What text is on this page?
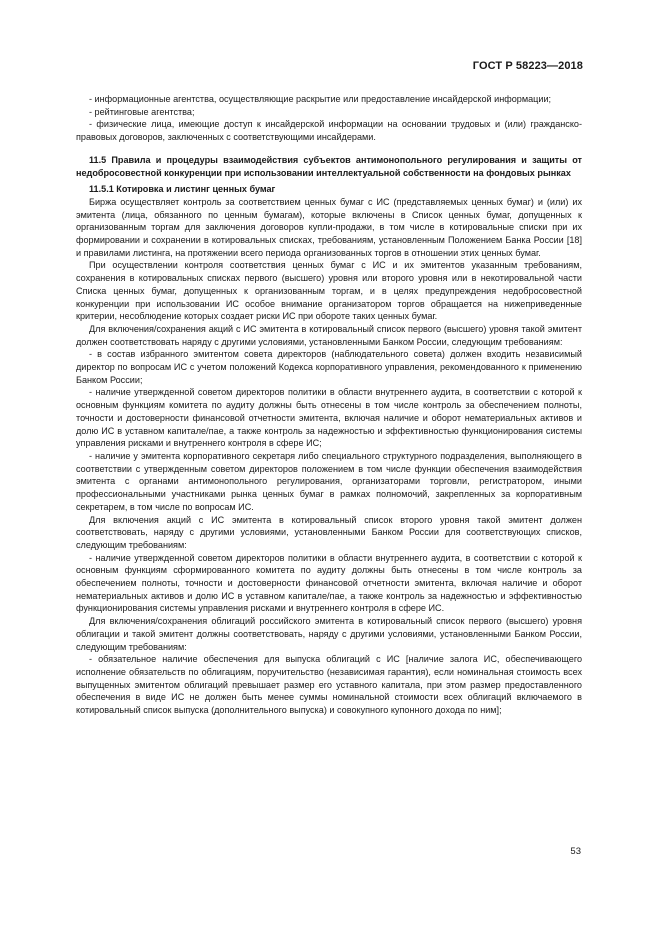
ГОСТ Р 58223—2018

- информационные агентства, осуществляющие раскрытие или предоставление инсайдерской информации;

- рейтинговые агентства;

- физические лица, имеющие доступ к инсайдерской информации на основании трудовых и (или) гражданско-правовых договоров, заключенных с соответствующими инсайдерами.

11.5 Правила и процедуры взаимодействия субъектов антимонопольного регулирования и защиты от недобросовестной конкуренции при использовании интеллектуальной собственности на фондовых рынках

11.5.1 Котировка и листинг ценных бумаг

Биржа осуществляет контроль за соответствием ценных бумаг с ИС (представляемых ценных бумаг) и (или) их эмитента (лица, обязанного по ценным бумагам), которые включены в Список ценных бумаг, допущенных к организованным торгам для заключения договоров купли-продажи, в том числе в котировальные списки при их формировании и сохранении в котировальных списках, требованиям, установленным Положением Банка России [18] и правилами листинга, на протяжении всего периода организованных торгов в отношении этих ценных бумаг.

При осуществлении контроля соответствия ценных бумаг с ИС и их эмитентов указанным требованиям, сохранения в котировальных списках первого (высшего) уровня или второго уровня или в некотировальной части Списка ценных бумаг, допущенных к организованным торгам, и в целях предупреждения недобросовестной конкуренции при использовании ИС особое внимание организатором торгов обращается на нижеприведенные критерии, несоблюдение которых создает риски ИС при обороте таких ценных бумаг.

Для включения/сохранения акций с ИС эмитента в котировальный список первого (высшего) уровня такой эмитент должен соответствовать наряду с другими условиями, установленными Банком России, следующим требованиям:

- в состав избранного эмитентом совета директоров (наблюдательного совета) должен входить независимый директор по вопросам ИС с учетом положений Кодекса корпоративного управления, рекомендованного к применению Банком России;

- наличие утвержденной советом директоров политики в области внутреннего аудита, в соответствии с которой к основным функциям комитета по аудиту должны быть отнесены в том числе контроль за обеспечением полноты, точности и достоверности финансовой отчетности эмитента, включая наличие и оборот нематериальных активов и долю ИС в уставном капитале/пае, а также контроль за надежностью и эффективностью функционирования системы управления рисками и внутреннего контроля в сфере ИС;

- наличие у эмитента корпоративного секретаря либо специального структурного подразделения, выполняющего в соответствии с утвержденным советом директоров положением в том числе функции обеспечения взаимодействия эмитента с органами антимонопольного регулирования, организаторами торговли, регистратором, иными профессиональными участниками рынка ценных бумаг в рамках полномочий, закрепленных за корпоративным секретарем, в том числе по вопросам ИС.

Для включения акций с ИС эмитента в котировальный список второго уровня такой эмитент должен соответствовать, наряду с другими условиями, установленными Банком России для соответствующих списков, следующим требованиям:

- наличие утвержденной советом директоров политики в области внутреннего аудита, в соответствии с которой к основным функциям сформированного комитета по аудиту должны быть отнесены в том числе контроль за обеспечением полноты, точности и достоверности финансовой отчетности эмитента, включая наличие и оборот нематериальных активов и долю ИС в уставном капитале/пае, а также контроль за надежностью и эффективностью функционирования системы управления рисками и внутреннего контроля в сфере ИС.

Для включения/сохранения облигаций российского эмитента в котировальный список первого (высшего) уровня облигации и такой эмитент должны соответствовать, наряду с другими условиями, установленными Банком России, следующим требованиям:

- обязательное наличие обеспечения для выпуска облигаций с ИС [наличие залога ИС, обеспечивающего исполнение обязательств по облигациям, поручительство (независимая гарантия), если номинальная стоимость всех выпущенных эмитентом облигаций превышает размер его уставного капитала, при этом размер предоставленного обеспечения в виде ИС не должен быть менее суммы номинальной стоимости всех облигаций включаемого в котировальный список выпуска (дополнительного выпуска) и совокупного купонного дохода по ним];

53
